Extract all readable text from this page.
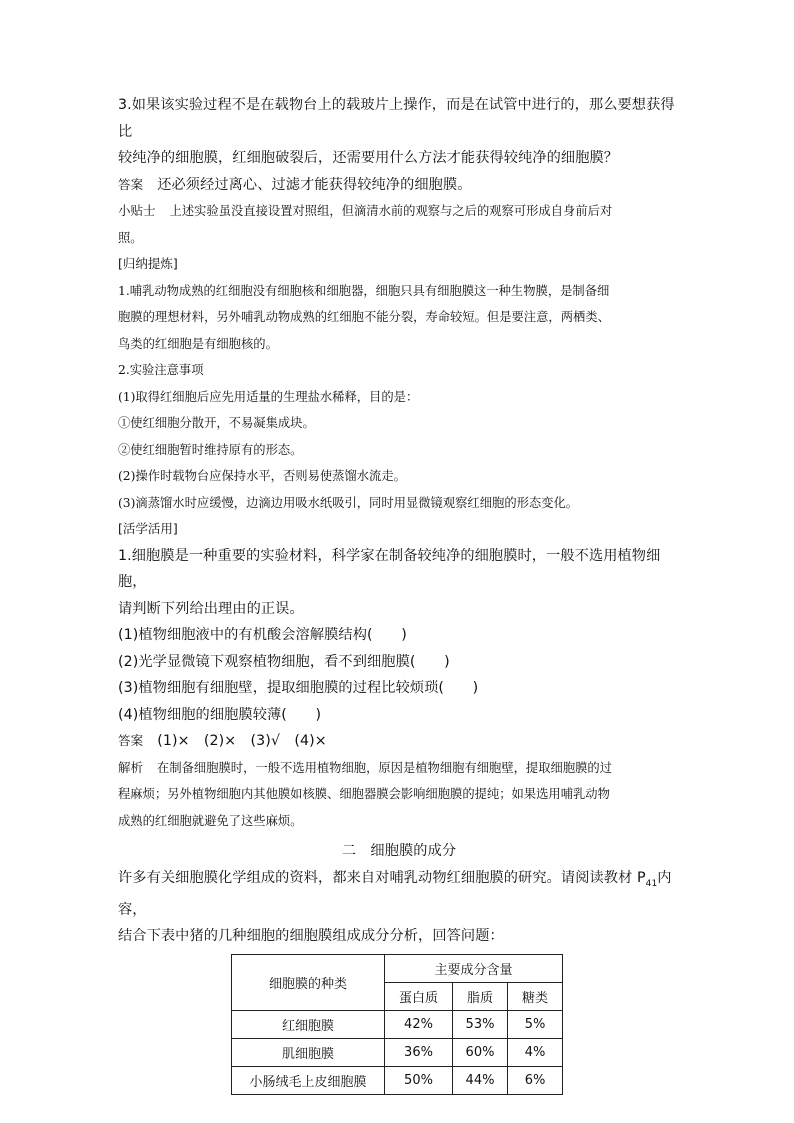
3.如果该实验过程不是在载物台上的载玻片上操作，而是在试管中进行的，那么要想获得比

较纯净的细胞膜，红细胞破裂后，还需要用什么方法才能获得较纯净的细胞膜？

答案 还必须经过离心、过滤才能获得较纯净的细胞膜。

小贴士 上述实验虽没直接设置对照组，但滴清水前的观察与之后的观察可形成自身前后对

照。

[归纳提炼]

1.哺乳动物成熟的红细胞没有细胞核和细胞器，细胞只具有细胞膜这一种生物膜，是制备细

胞膜的理想材料，另外哺乳动物成熟的红细胞不能分裂，寿命较短。但是要注意，两栖类、

鸟类的红细胞是有细胞核的。

2.实验注意事项

(1)取得红细胞后应先用适量的生理盐水稀释，目的是：

①使红细胞分散开，不易凝集成块。

②使红细胞暂时维持原有的形态。

(2)操作时载物台应保持水平，否则易使蒸馏水流走。

(3)滴蒸馏水时应缓慢，边滴边用吸水纸吸引，同时用显微镜观察红细胞的形态变化。

[活学活用]

1.细胞膜是一种重要的实验材料，科学家在制备较纯净的细胞膜时，一般不选用植物细胞，

请判断下列给出理由的正误。

(1)植物细胞液中的有机酸会溶解膜结构(　　)

(2)光学显微镜下观察植物细胞，看不到细胞膜(　　)

(3)植物细胞有细胞壁，提取细胞膜的过程比较烦琐(　　)

(4)植物细胞的细胞膜较薄(　　)

答案 (1)×　(2)×　(3)√　(4)×

解析 在制备细胞膜时，一般不选用植物细胞，原因是植物细胞有细胞壁，提取细胞膜的过

程麻烦；另外植物细胞内其他膜如核膜、细胞器膜会影响细胞膜的提纯；如果选用哺乳动物

成熟的红细胞就避免了这些麻烦。

二　细胞膜的成分

许多有关细胞膜化学组成的资料，都来自对哺乳动物红细胞膜的研究。请阅读教材 $P_{41}$内容，

结合下表中猪的几种细胞的细胞膜组成成分分析，回答问题：

细胞膜的种类	主要成分含量		
	蛋白质	脂质	糖类
红细胞膜	42%	53%	5%
肌细胞膜	36%	60%	4%
小肠绒毛上皮细胞膜	50%	44%	6%
